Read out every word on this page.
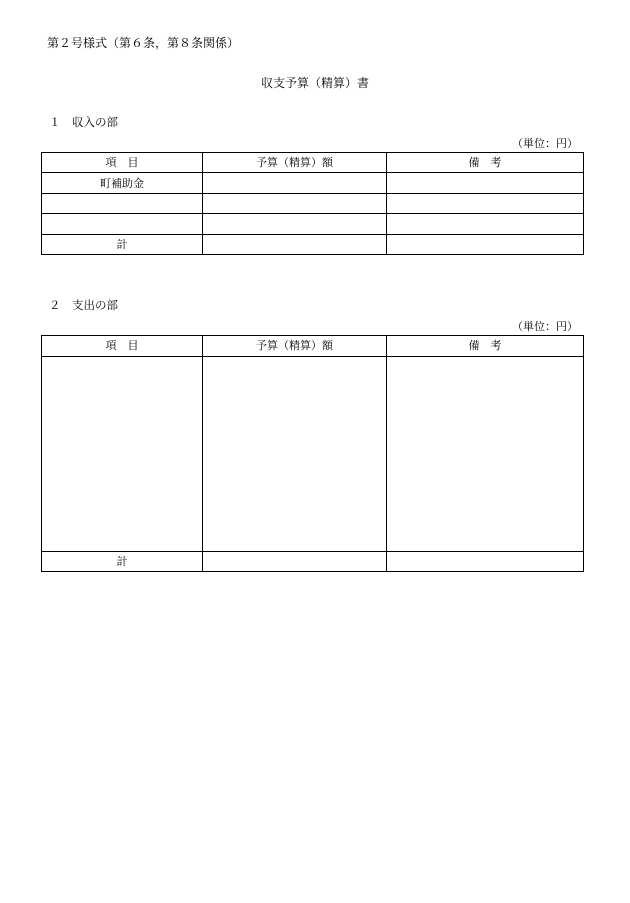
第２号様式（第６条，第８条関係）
収支予算（精算）書
１　収入の部
（単位：円）
項　目	予算（精算）額	備　考
町補助金		

計		
２　支出の部
（単位：円）
項　目	予算（精算）額	備　考

計		
